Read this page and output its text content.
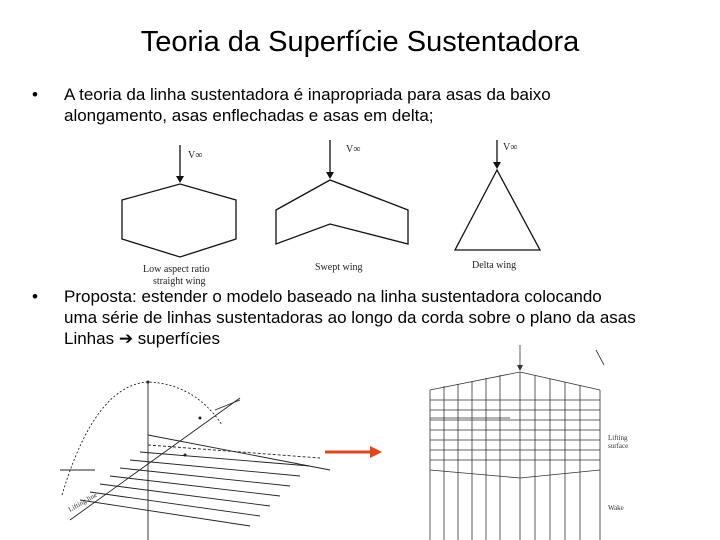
Teoria da Superfície Sustentadora
• A teoria da linha sustentadora é inapropriada para asas da baixo
alongamento, asas enflechadas e asas em delta;
• Proposta: estender o modelo baseado na linha sustentadora colocando
uma série de linhas sustentadoras ao longo da corda sobre o plano da asas
Linhas ➔ superfícies
V∞
V∞	V∞
Low aspect ratio
straight wing
Swept wing	Delta wing
Lifting line
Lifting
surface
Wake
